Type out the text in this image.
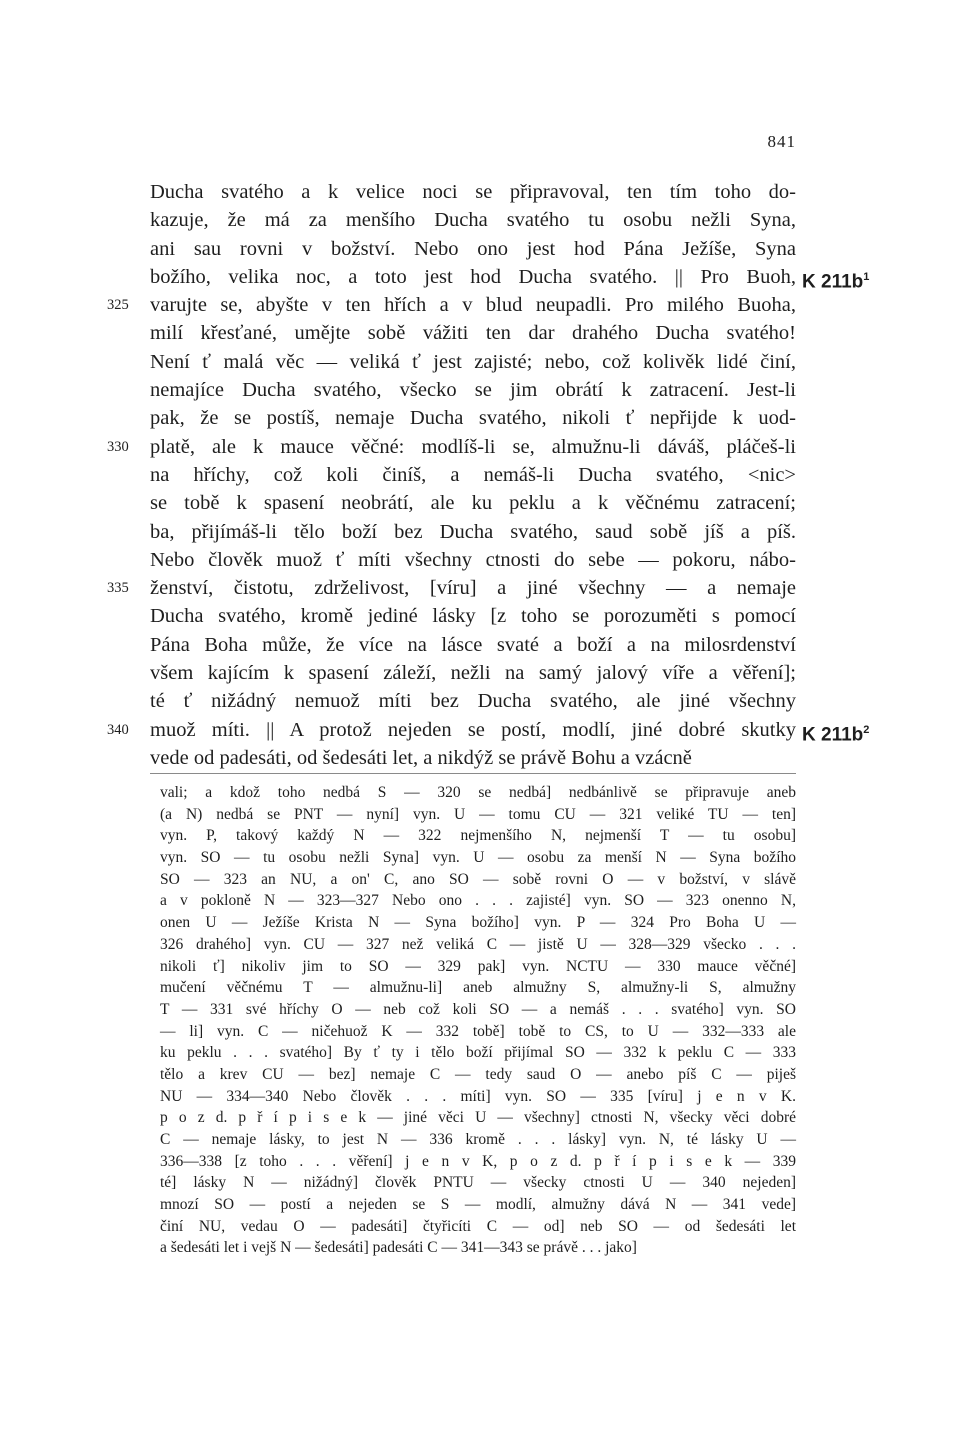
841
Ducha svatého a k velice noci se připravoval, ten tím toho do-
kazuje, že má za menšího Ducha svatého tu osobu nežli Syna,
ani sau rovni v božství. Nebo ono jest hod Pána Ježíše, Syna
božího, velika noc, a toto jest hod Ducha svatého. || Pro Buoh, K $211b^1$
varujte se, abyšte v ten hřích a v blud neupadli. Pro milého Buoha,
325
milí křesťané, umějte sobě vážiti ten dar drahého Ducha svatého!
Není ť malá věc — veliká ť jest zajisté; nebo, což kolivěk lidé činí,
nemajíce Ducha svatého, všecko se jim obrátí k zatracení. Jest-li
pak, že se postíš, nemaje Ducha svatého, nikoli ť nepřijde k uod-
platě, ale k mauce věčné: modlíš-li se, almužnu-li dáváš, pláčeš-li
330
na hříchy, což koli činíš, a nemáš-li Ducha svatého, <nic>
se tobě k spasení neobrátí, ale ku peklu a k věčnému zatracení;
ba, přijímáš-li tělo boží bez Ducha svatého, saud sobě jíš a píš.
Nebo člověk muož ť míti všechny ctnosti do sebe — pokoru, nábo-
ženství, čistotu, zdrželivost, [víru] a jiné všechny — a nemaje
335
Ducha svatého, kromě jediné lásky [z toho se porozuměti s pomocí
Pána Boha může, že více na lásce svaté a boží a na milosrdenství
všem kajícím k spasení záleží, nežli na samý jalový víře a věření];
té ť nižádný nemuož míti bez Ducha svatého, ale jiné všechny
muož míti. || A protož nejeden se postí, modlí, jiné dobré skutky
340	K $211b^2$
vede od padesáti, od šedesáti let, a nikdýž se právě Bohu a vzácně
vali; a kdož toho nedbá S — 320 se nedbá] nedbánlivě se připravuje aneb
(a N) nedbá se PNT — nyní] vyn. U — tomu CU — 321 veliké TU — ten]
vyn. P, takový každý N — 322 nejmenšího N, nejmenší T — tu osobu]
vyn. SO — tu osobu nežli Syna] vyn. U — osobu za menší N — Syna božího
SO — 323 an NU, a on' C, ano SO — sobě rovni O — v božství, v slávě
a v pokloně N — 323—327 Nebo ono . . . zajisté] vyn. SO — 323 onenno N,
onen U — Ježíše Krista N — Syna božího] vyn. P — 324 Pro Boha U —
326 drahého] vyn. CU — 327 než veliká C — jistě U — 328—329 všecko . . .
nikoli ť] nikoliv jim to SO — 329 pak] vyn. NCTU — 330 mauce věčné]
mučení věčnému T — almužnu-li] aneb almužny S, almužny-li S, almužny
T — 331 své hříchy O — neb což koli SO — a nemáš . . . svatého] vyn. SO
— li] vyn. C — ničehuož K — 332 tobě] tobě to CS, to U — 332—333 ale
ku peklu . . . svatého] By ť ty i tělo boží přijímal SO — 332 k peklu C — 333
tělo a krev CU — bez] nemaje C — tedy saud O — anebo píš C — piješ
NU — 334—340 Nebo člověk . . . míti] vyn. SO — 335 [víru] j e n v K.
p o z d. p ř í p i s e k — jiné věci U — všechny] ctnosti N, všecky věci dobré
C — nemaje lásky, to jest N — 336 kromě . . . lásky] vyn. N, té lásky U —
336—338 [z toho . . . věření] j e n v K, p o z d. p ř í p i s e k — 339
té] lásky N — nižádný] člověk PNTU — všecky ctnosti U — 340 nejeden]
mnozí SO — postí a nejeden se S — modlí, almužny dává N — 341 vede]
činí NU, vedau O — padesáti] čtyřicíti C — od] neb SO — od šedesáti let
a šedesáti let i vejš N — šedesáti] padesáti C — 341—343 se právě . . . jako]
